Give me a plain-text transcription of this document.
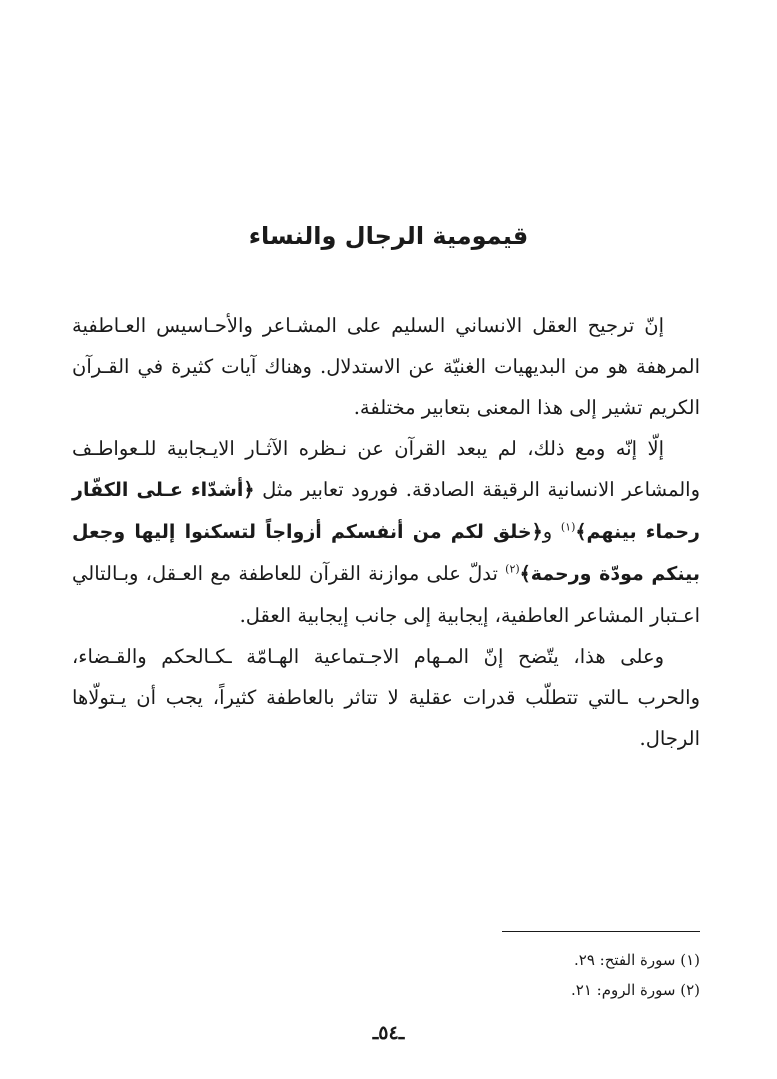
قيمومية الرجال والنساء

إنّ ترجيح العقل الانساني السليم على المشـاعر والأحـاسيس العـاطفية المرهفة هو من البديهيات الغنيّة عن الاستدلال. وهناك آيات كثيرة في القـرآن الكريم تشير إلى هذا المعنى بتعابير مختلفة.

إلّا إنّه ومع ذلك، لم يبعد القرآن عن نـظره الآثـار الايـجابية للـعواطـف والمشاعر الانسانية الرقيقة الصادقة. فورود تعابير مثل ﴿أشدّاء عـلى الكفّار رحماء بينهم﴾$^{(١)}$ و﴿خلق لكم من أنفسكم أزواجاً لتسكنوا إليها وجعل بينكم مودّة ورحمة﴾$^{(٢)}$ تدلّ على موازنة القرآن للعاطفة مع العـقل، وبـالتالي اعـتبار المشاعر العاطفية، إيجابية إلى جانب إيجابية العقل.

وعلى هذا، يتّضح إنّ المـهام الاجـتماعية الهـامّة ـكـالحكم والقـضاء، والحرب ـالتي تتطلّب قدرات عقلية لا تتاثر بالعاطفة كثيراً، يجب أن يـتولّاها الرجال.

(١) سورة الفتح: ٢٩.

(٢) سورة الروم: ٢١.

ـ٥٤ـ
